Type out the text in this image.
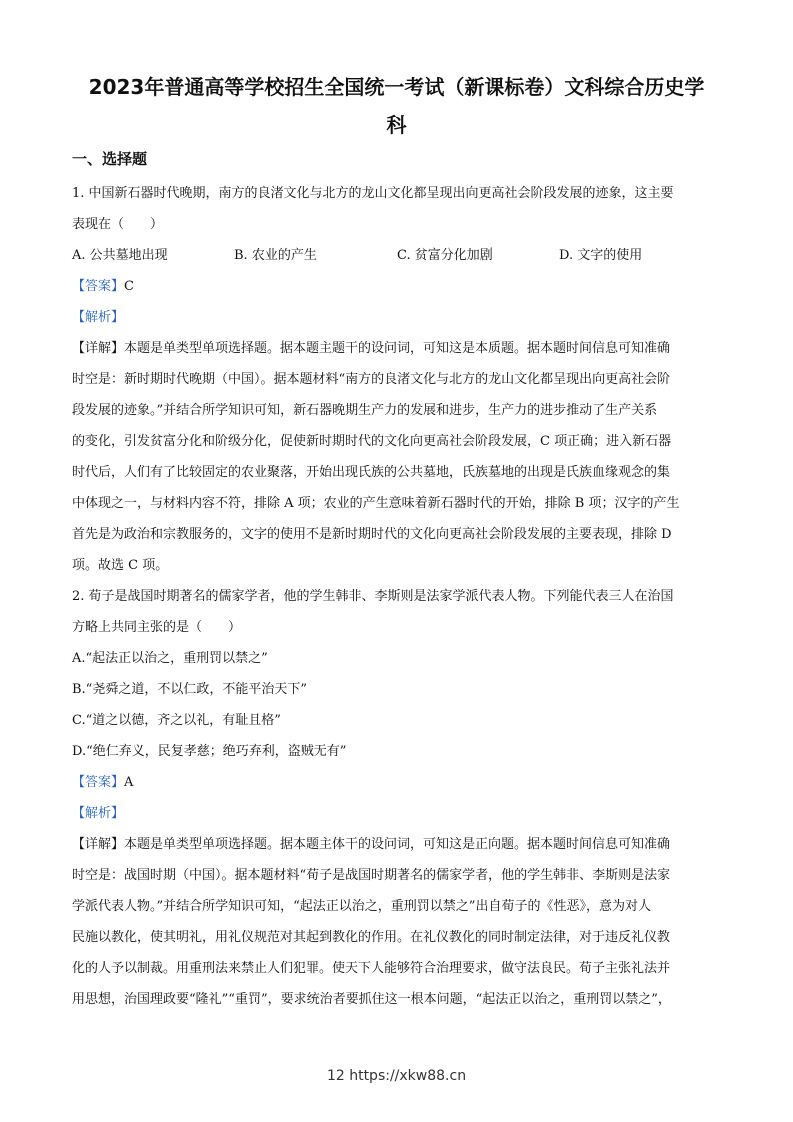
2023年普通高等学校招生全国统一考试（新课标卷）文科综合历史学
科
一、选择题
1. 中国新石器时代晚期，南方的良渚文化与北方的龙山文化都呈现出向更高社会阶段发展的迹象，这主要
表现在（　　）
A. 公共墓地出现	B. 农业的产生	C. 贫富分化加剧	D. 文字的使用
【答案】C
【解析】
【详解】本题是单类型单项选择题。据本题主题干的设问词，可知这是本质题。据本题时间信息可知准确
时空是：新时期时代晚期（中国）。据本题材料“南方的良渚文化与北方的龙山文化都呈现出向更高社会阶
段发展的迹象。”并结合所学知识可知，新石器晚期生产力的发展和进步，生产力的进步推动了生产关系
的变化，引发贫富分化和阶级分化，促使新时期时代的文化向更高社会阶段发展，C 项正确；进入新石器
时代后，人们有了比较固定的农业聚落，开始出现氏族的公共墓地，氏族墓地的出现是氏族血缘观念的集
中体现之一，与材料内容不符，排除 A 项；农业的产生意味着新石器时代的开始，排除 B 项；汉字的产生
首先是为政治和宗教服务的，文字的使用不是新时期时代的文化向更高社会阶段发展的主要表现，排除 D
项。故选 C 项。
2. 荀子是战国时期著名的儒家学者，他的学生韩非、李斯则是法家学派代表人物。下列能代表三人在治国
方略上共同主张的是（　　）
A.“起法正以治之，重刑罚以禁之”
B.“尧舜之道，不以仁政，不能平治天下”
C.“道之以德，齐之以礼，有耻且格”
D.“绝仁弃义，民复孝慈；绝巧弃利，盗贼无有”
【答案】A
【解析】
【详解】本题是单类型单项选择题。据本题主体干的设问词，可知这是正向题。据本题时间信息可知准确
时空是：战国时期（中国）。据本题材料“荀子是战国时期著名的儒家学者，他的学生韩非、李斯则是法家
学派代表人物。”并结合所学知识可知，“起法正以治之，重刑罚以禁之”出自荀子的《性恶》，意为对人
民施以教化，使其明礼，用礼仪规范对其起到教化的作用。在礼仪教化的同时制定法律，对于违反礼仪教
化的人予以制裁。用重刑法来禁止人们犯罪。使天下人能够符合治理要求，做守法良民。荀子主张礼法并
用思想，治国理政要“隆礼”“重罚”，要求统治者要抓住这一根本问题，“起法正以治之，重刑罚以禁之”，
12 https://xkw88.cn
